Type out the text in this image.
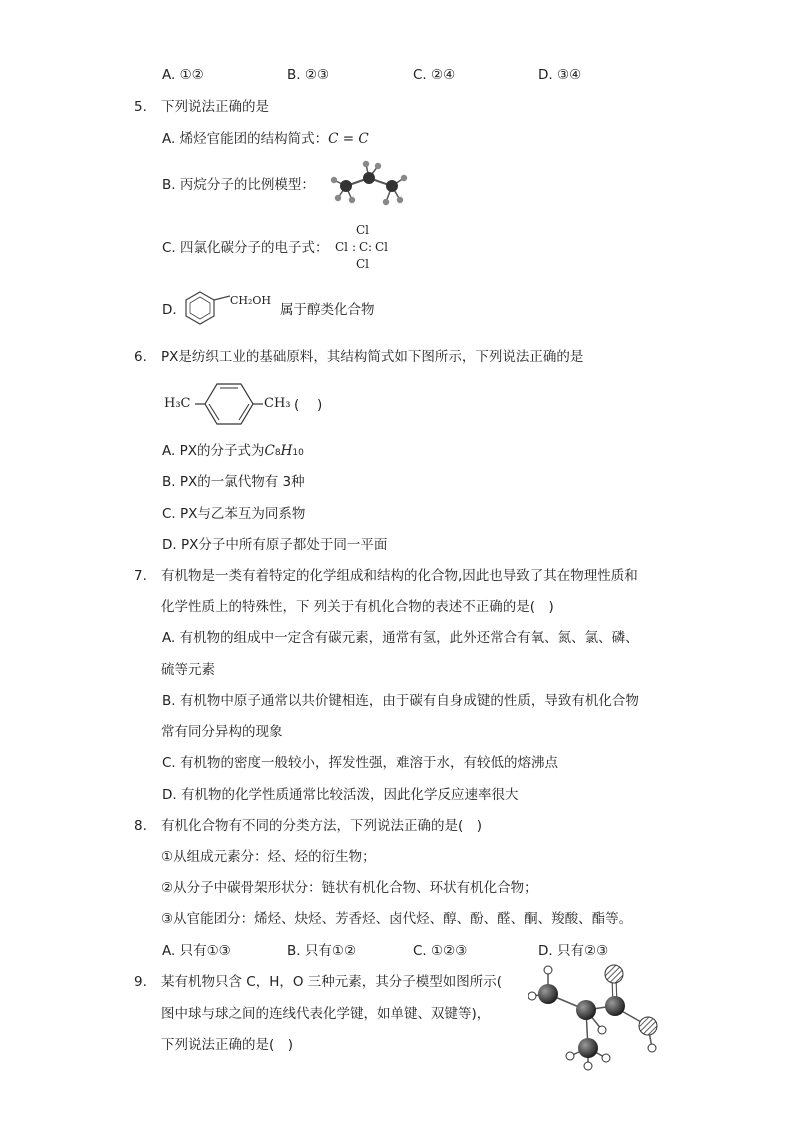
A. ①②	B. ②③	C. ②④	D. ③④
5. 下列说法正确的是
A. 烯烃官能团的结构简式：C = C
B. 丙烷分子的比例模型：
C. 四氯化碳分子的电子式：
Cl
Cl : C : Cl
Cl
D.
CH₂OH
属于醇类化合物
6. PX是纺织工业的基础原料，其结构简式如下图所示，下列说法正确的是
H₃C	CH₃ (　 )
A. PX的分子式为C8H10
B. PX的一氯代物有 3种
C. PX与乙苯互为同系物
D. PX分子中所有原子都处于同一平面
7. 有机物是一类有着特定的化学组成和结构的化合物,因此也导致了其在物理性质和
化学性质上的特殊性，下 列关于有机化合物的表述不正确的是(　)
A. 有机物的组成中一定含有碳元素，通常有氢，此外还常合有氧、氮、氯、磷、
硫等元素
B. 有机物中原子通常以共价键相连，由于碳有自身成键的性质，导致有机化合物
常有同分异构的现象
C. 有机物的密度一般较小，挥发性强，难溶于水，有较低的熔沸点
D. 有机物的化学性质通常比较活泼，因此化学反应速率很大
8. 有机化合物有不同的分类方法，下列说法正确的是(　)
①从组成元素分：烃、烃的衍生物；
②从分子中碳骨架形状分：链状有机化合物、环状有机化合物；
③从官能团分：烯烃、炔烃、芳香烃、卤代烃、醇、酚、醛、酮、羧酸、酯等。
A. 只有①③	B. 只有①②	C. ①②③	D. 只有②③
9. 某有机物只含 C，H，O 三种元素，其分子模型如图所示(
图中球与球之间的连线代表化学键，如单键、双键等)，
下列说法正确的是(　)
